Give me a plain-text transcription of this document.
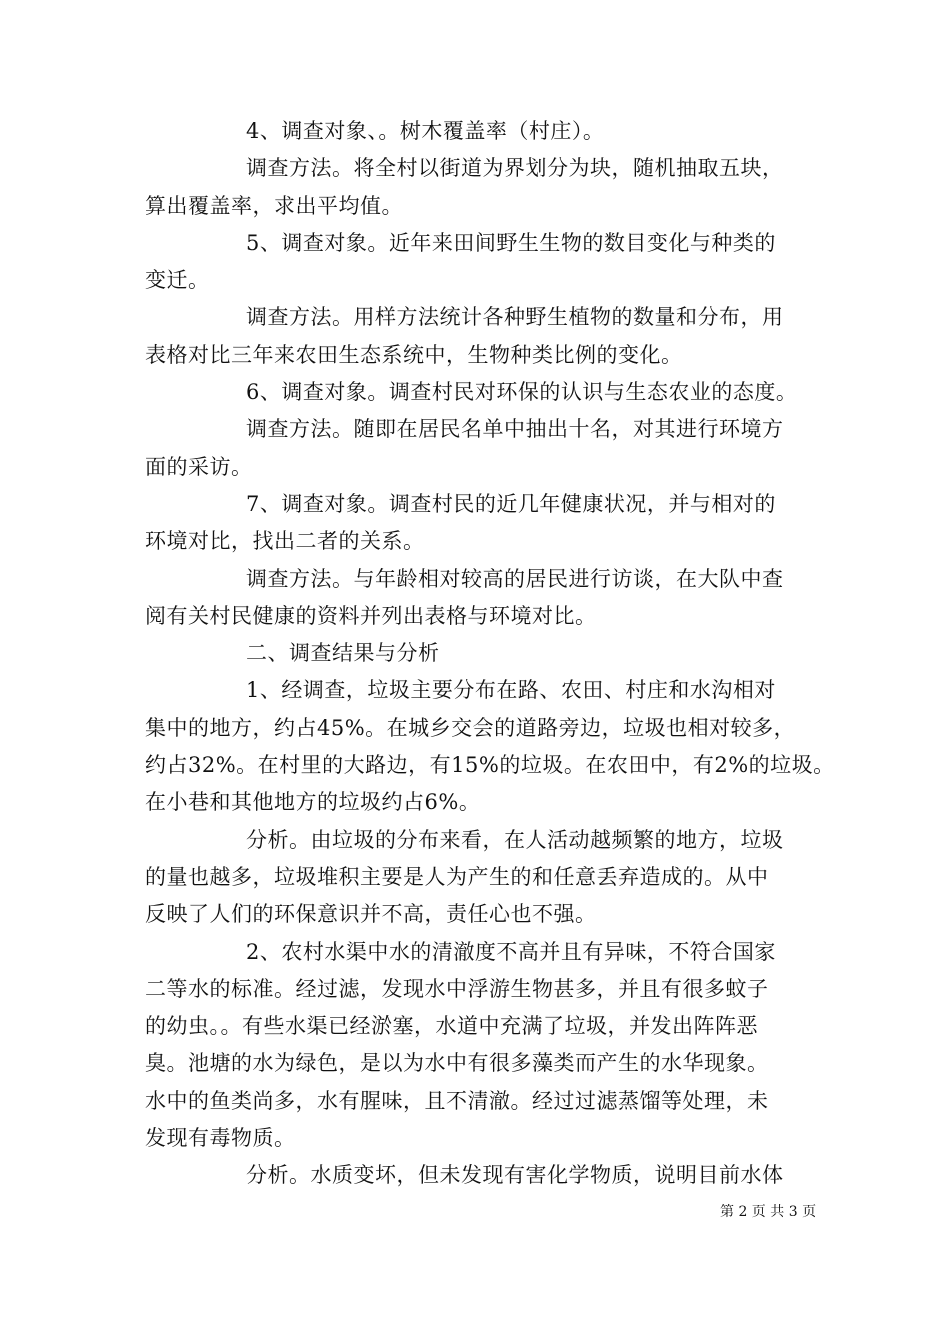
4、调查对象、。树木覆盖率（村庄）。
调查方法。将全村以街道为界划分为块，随机抽取五块，
算出覆盖率，求出平均值。
5、调查对象。近年来田间野生生物的数目变化与种类的
变迁。
调查方法。用样方法统计各种野生植物的数量和分布，用
表格对比三年来农田生态系统中，生物种类比例的变化。
6、调查对象。调查村民对环保的认识与生态农业的态度。
调查方法。随即在居民名单中抽出十名，对其进行环境方
面的采访。
7、调查对象。调查村民的近几年健康状况，并与相对的
环境对比，找出二者的关系。
调查方法。与年龄相对较高的居民进行访谈，在大队中查
阅有关村民健康的资料并列出表格与环境对比。
二、调查结果与分析
1、经调查，垃圾主要分布在路、农田、村庄和水沟相对
集中的地方，约占45%。在城乡交会的道路旁边，垃圾也相对较多，
约占32%。在村里的大路边，有15%的垃圾。在农田中，有2%的垃圾。
在小巷和其他地方的垃圾约占6%。
分析。由垃圾的分布来看，在人活动越频繁的地方，垃圾
的量也越多，垃圾堆积主要是人为产生的和任意丢弃造成的。从中
反映了人们的环保意识并不高，责任心也不强。
2、农村水渠中水的清澈度不高并且有异味，不符合国家
二等水的标准。经过滤，发现水中浮游生物甚多，并且有很多蚊子
的幼虫。。有些水渠已经淤塞，水道中充满了垃圾，并发出阵阵恶
臭。池塘的水为绿色，是以为水中有很多藻类而产生的水华现象。
水中的鱼类尚多，水有腥味，且不清澈。经过过滤蒸馏等处理，未
发现有毒物质。
分析。水质变坏，但未发现有害化学物质，说明目前水体
第 2 页 共 3 页
